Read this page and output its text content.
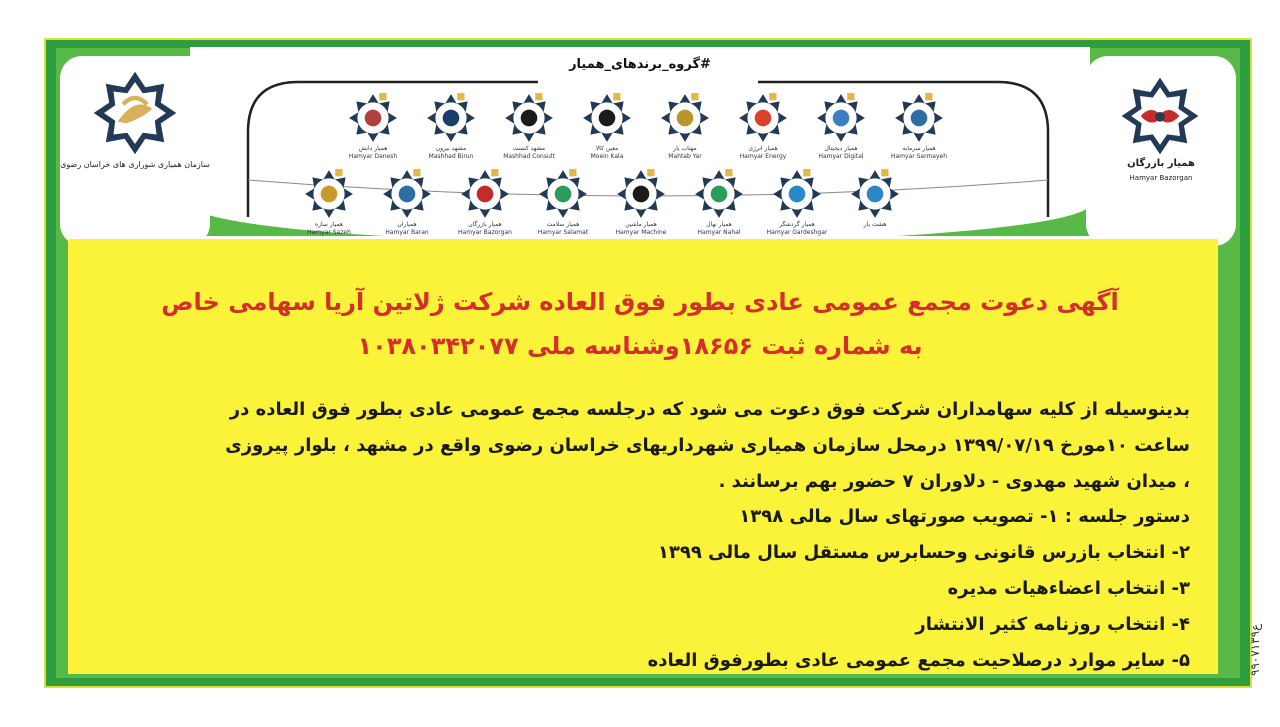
#گروه_برندهای_همیار
سازمان همیاری شوراری های خراسان رضوی	همیار بازرگان
Hamyar Bazorgan
همیار سرمایه
Hamyar Sarmayeh
همیار دیجیتال
Hamyar Digital
همیار انرژی
Hamyar Energy
مهتاب یار
Mahtab Yar
معین کالا
Moein Kala
مشهد کنست
Mashhad Consult
مشهد بیرون
Mashhad Birun
همیار دانش
Hamyar Danesh
هشت یار
همیار گردشگر
Hamyar Gardeshgar
همیار نهال
Hamyar Nahal
همیار ماشین
Hamyar Machine
همیار سلامت
Hamyar Salamat
همیار بازرگان
Hamyar Bazorgan
همیاران
Hamyar Baran
همیار سازه
Hamyar Sazeh
آگهی دعوت مجمع عمومی عادی بطور فوق العاده شرکت ژلاتین آریا سهامی خاص
به شماره ثبت ۱۸۶۵۶وشناسه ملی ۱۰۳۸۰۳۴۲۰۷۷
بدینوسیله از کلیه سهامداران شرکت فوق دعوت می شود که درجلسه مجمع عمومی عادی بطور فوق العاده در
ساعت ۱۰مورخ ۱۳۹۹/۰۷/۱۹ درمحل سازمان همیاری شهرداریهای خراسان رضوی واقع در مشهد ، بلوار پیروزی
، میدان شهید مهدوی - دلاوران ۷ حضور بهم برسانند .
دستور جلسه : ۱- تصویب صورتهای سال مالی ۱۳۹۸
۲- انتخاب بازرس قانونی وحسابرس مستقل سال مالی ۱۳۹۹
۳- انتخاب اعضاءهیات مدیره
۴- انتخاب روزنامه کثیر الانتشار
۵- سایر موارد درصلاحیت مجمع عمومی عادی بطورفوق العاده	ع۹۹۰۷۱۳۹
